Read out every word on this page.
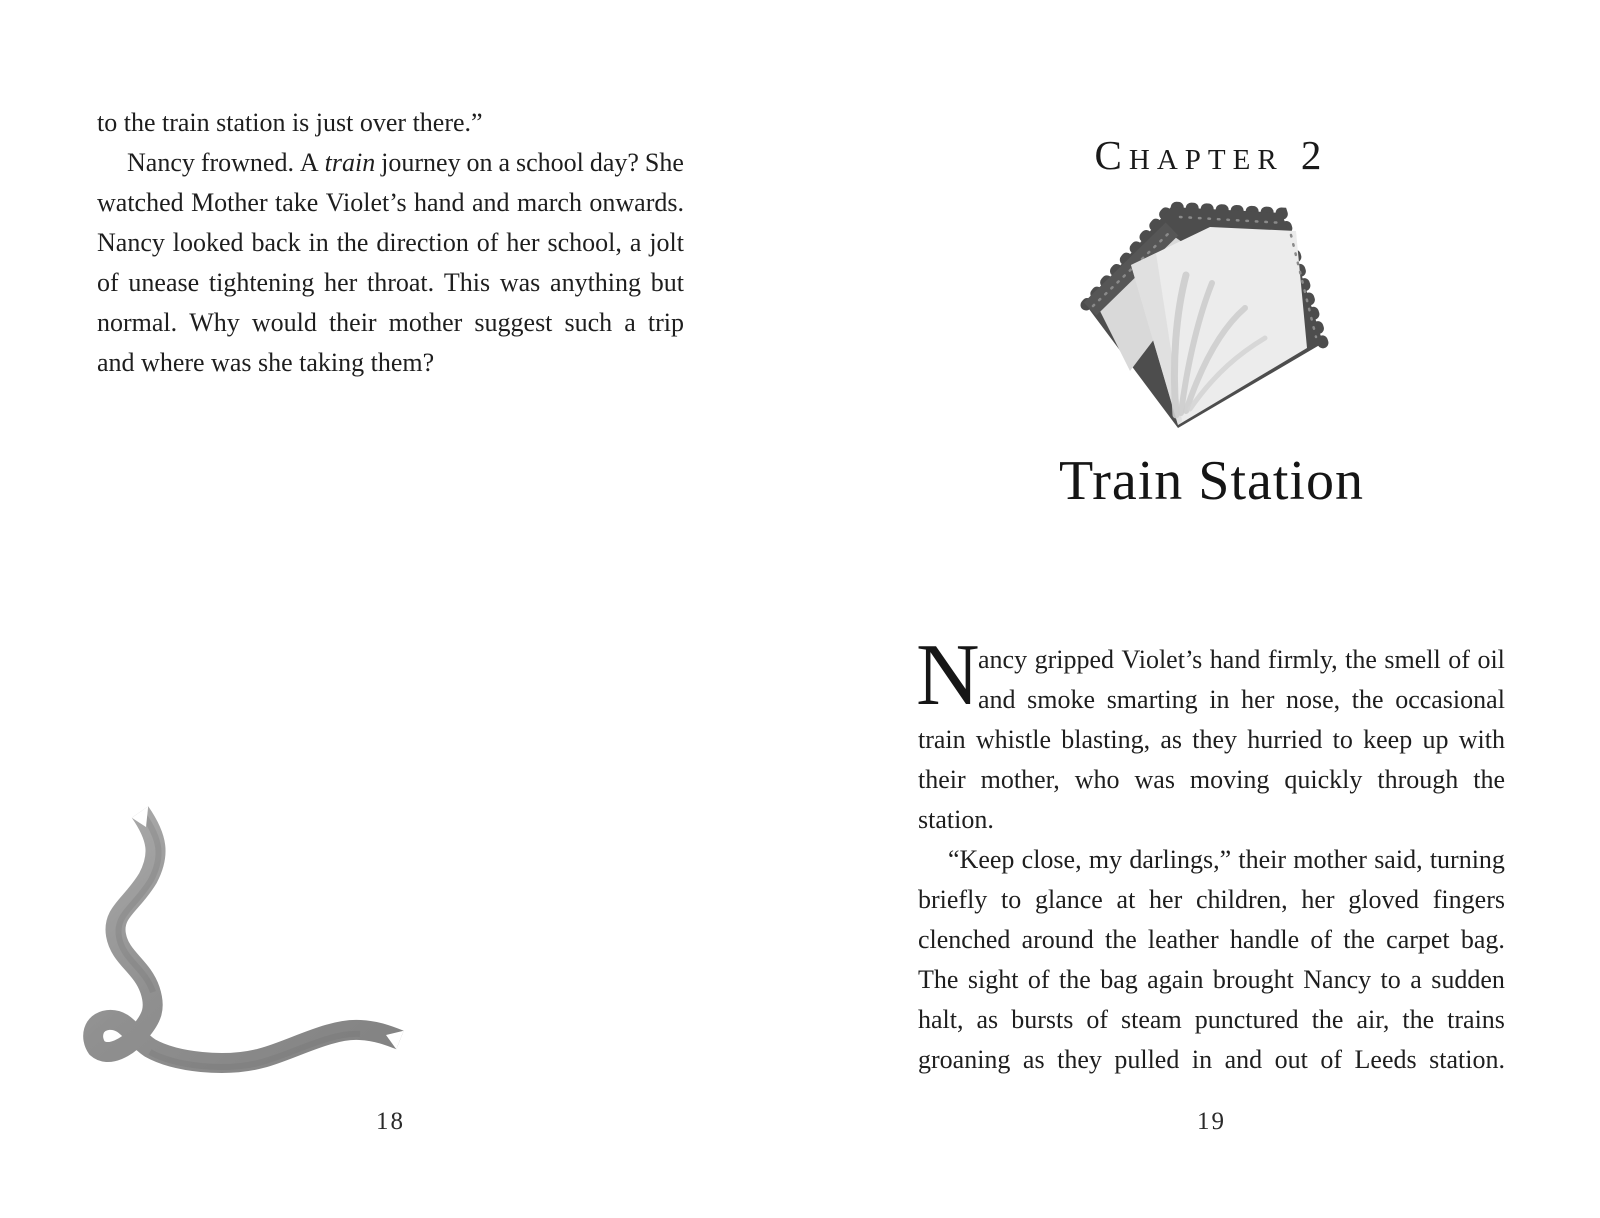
to the train station is just over there.”
Nancy frowned. A train journey on a school day? She
watched Mother take Violet’s hand and march onwards.
Nancy looked back in the direction of her school, a jolt
of unease tightening her throat. This was anything but
normal. Why would their mother suggest such a trip
and where was she taking them?
18
Chapter 2
Train Station
N
ancy gripped Violet’s hand firmly, the smell of oil
and smoke smarting in her nose, the occasional
train whistle blasting, as they hurried to keep up with
their mother, who was moving quickly through the
station.
“Keep close, my darlings,” their mother said, turning
briefly to glance at her children, her gloved fingers
clenched around the leather handle of the carpet bag.
The sight of the bag again brought Nancy to a sudden
halt, as bursts of steam punctured the air, the trains
groaning as they pulled in and out of Leeds station.
19
